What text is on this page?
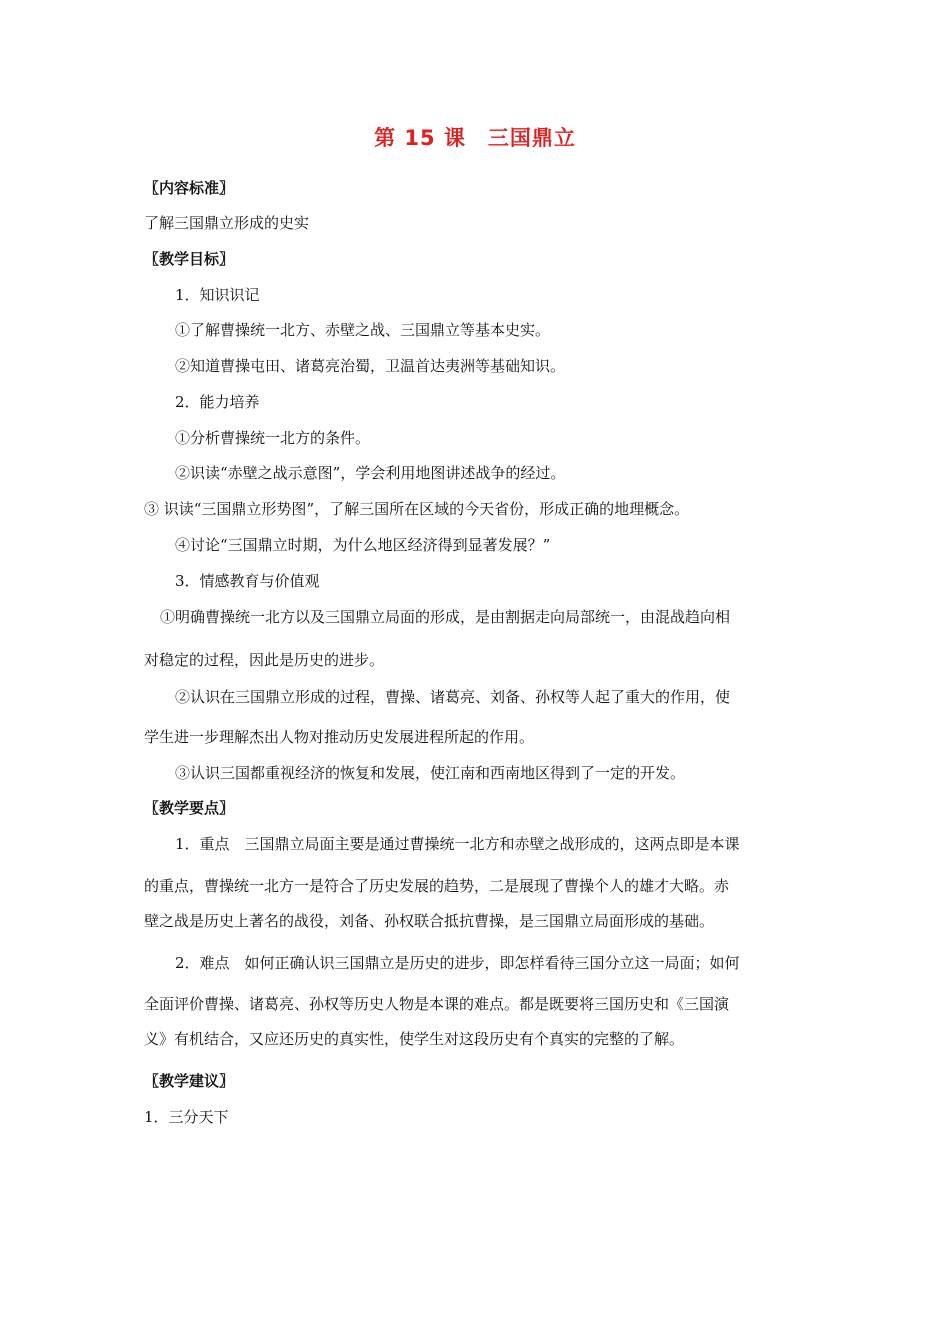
第 15 课　三国鼎立
〖内容标准〗
了解三国鼎立形成的史实
〖教学目标〗
1．知识识记
①了解曹操统一北方、赤壁之战、三国鼎立等基本史实。
②知道曹操屯田、诸葛亮治蜀，卫温首达夷洲等基础知识。
2．能力培养
①分析曹操统一北方的条件。
②识读“赤壁之战示意图”，学会利用地图讲述战争的经过。
③ 识读“三国鼎立形势图”，了解三国所在区域的今天省份，形成正确的地理概念。
④讨论“三国鼎立时期，为什么地区经济得到显著发展？”
3．情感教育与价值观
①明确曹操统一北方以及三国鼎立局面的形成，是由割据走向局部统一，由混战趋向相
对稳定的过程，因此是历史的进步。
②认识在三国鼎立形成的过程，曹操、诸葛亮、刘备、孙权等人起了重大的作用，使
学生进一步理解杰出人物对推动历史发展进程所起的作用。
③认识三国都重视经济的恢复和发展，使江南和西南地区得到了一定的开发。
〖教学要点〗
1．重点　三国鼎立局面主要是通过曹操统一北方和赤壁之战形成的，这两点即是本课
的重点，曹操统一北方一是符合了历史发展的趋势，二是展现了曹操个人的雄才大略。赤
壁之战是历史上著名的战役，刘备、孙权联合抵抗曹操，是三国鼎立局面形成的基础。
2．难点　如何正确认识三国鼎立是历史的进步，即怎样看待三国分立这一局面；如何
全面评价曹操、诸葛亮、孙权等历史人物是本课的难点。都是既要将三国历史和《三国演
义》有机结合，又应还历史的真实性，使学生对这段历史有个真实的完整的了解。
〖教学建议〗
1．三分天下
